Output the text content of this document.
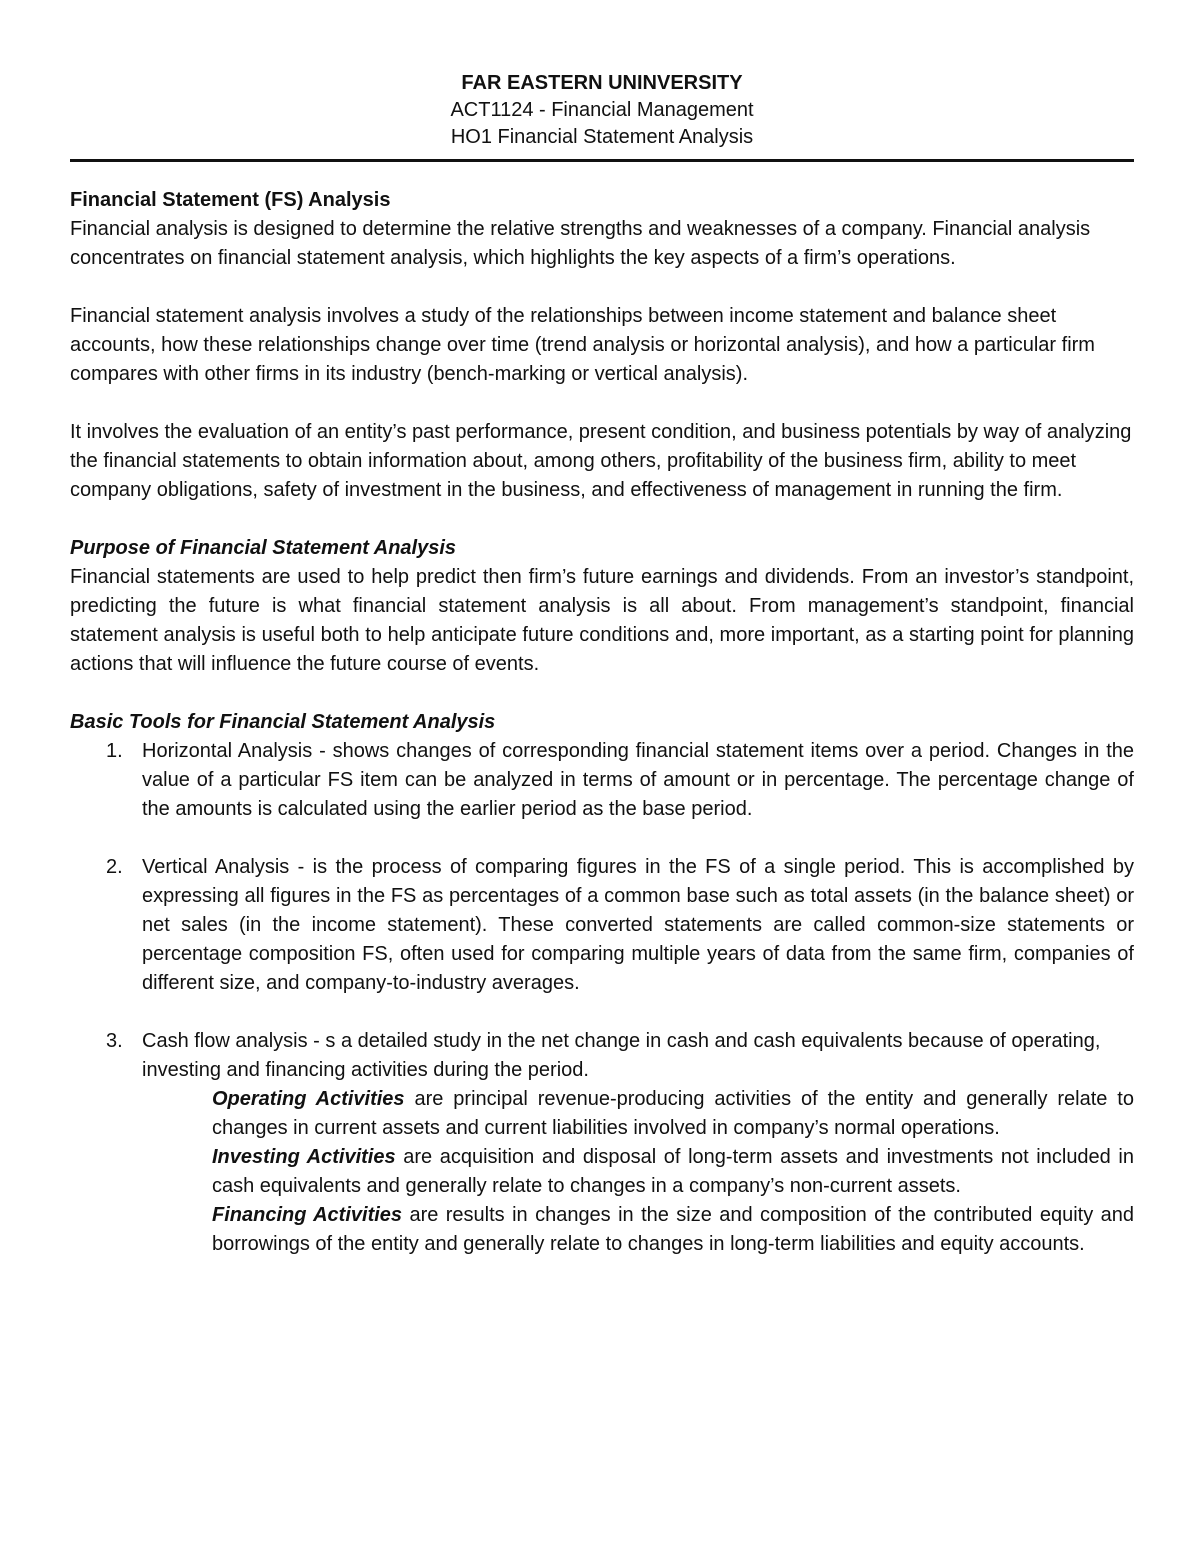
FAR EASTERN UNINVERSITY
ACT1124 - Financial Management
HO1 Financial Statement Analysis

Financial Statement (FS) Analysis

Financial analysis is designed to determine the relative strengths and weaknesses of a company. Financial analysis concentrates on financial statement analysis, which highlights the key aspects of a firm’s operations.

Financial statement analysis involves a study of the relationships between income statement and balance sheet accounts, how these relationships change over time (trend analysis or horizontal analysis), and how a particular firm compares with other firms in its industry (bench-marking or vertical analysis).

It involves the evaluation of an entity’s past performance, present condition, and business potentials by way of analyzing the financial statements to obtain information about, among others, profitability of the business firm, ability to meet company obligations, safety of investment in the business, and effectiveness of management in running the firm.

Purpose of Financial Statement Analysis

Financial statements are used to help predict then firm’s future earnings and dividends. From an investor’s standpoint, predicting the future is what financial statement analysis is all about. From management’s standpoint, financial statement analysis is useful both to help anticipate future conditions and, more important, as a starting point for planning actions that will influence the future course of events.

Basic Tools for Financial Statement Analysis

1. Horizontal Analysis - shows changes of corresponding financial statement items over a period. Changes in the value of a particular FS item can be analyzed in terms of amount or in percentage. The percentage change of the amounts is calculated using the earlier period as the base period.
2. Vertical Analysis - is the process of comparing figures in the FS of a single period. This is accomplished by expressing all figures in the FS as percentages of a common base such as total assets (in the balance sheet) or net sales (in the income statement). These converted statements are called common-size statements or percentage composition FS, often used for comparing multiple years of data from the same firm, companies of different size, and company-to-industry averages.
3. Cash flow analysis - s a detailed study in the net change in cash and cash equivalents because of operating, investing and financing activities during the period.

Operating Activities are principal revenue-producing activities of the entity and generally relate to changes in current assets and current liabilities involved in company’s normal operations.

Investing Activities are acquisition and disposal of long-term assets and investments not included in cash equivalents and generally relate to changes in a company’s non-current assets.

Financing Activities are results in changes in the size and composition of the contributed equity and borrowings of the entity and generally relate to changes in long-term liabilities and equity accounts.
